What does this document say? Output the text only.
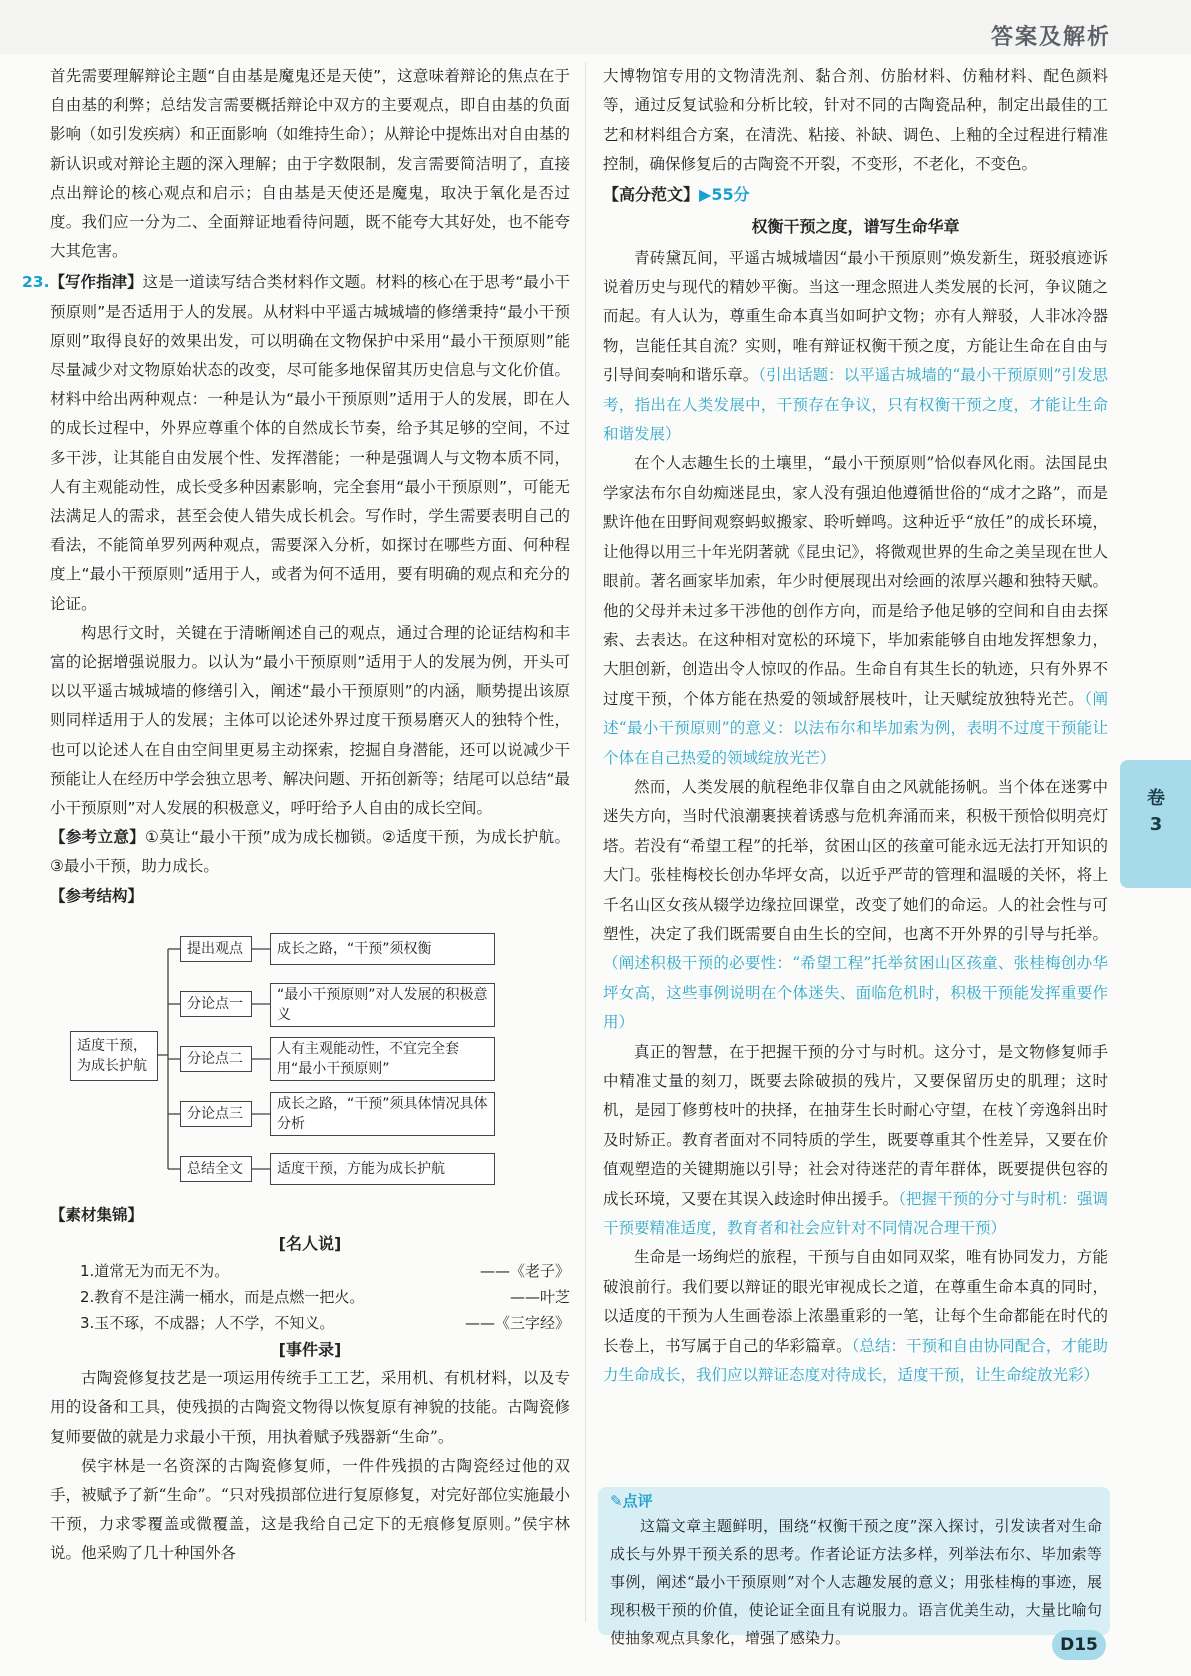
答案及解析

首先需要理解辩论主题“自由基是魔鬼还是天使”，这意味着辩论的焦点在于自由基的利弊；总结发言需要概括辩论中双方的主要观点，即自由基的负面影响（如引发疾病）和正面影响（如维持生命）；从辩论中提炼出对自由基的新认识或对辩论主题的深入理解；由于字数限制，发言需要简洁明了，直接点出辩论的核心观点和启示；自由基是天使还是魔鬼，取决于氧化是否过度。我们应一分为二、全面辩证地看待问题，既不能夸大其好处，也不能夸大其危害。

23.【写作指津】这是一道读写结合类材料作文题。材料的核心在于思考“最小干预原则”是否适用于人的发展。从材料中平遥古城城墙的修缮秉持“最小干预原则”取得良好的效果出发，可以明确在文物保护中采用“最小干预原则”能尽量减少对文物原始状态的改变，尽可能多地保留其历史信息与文化价值。材料中给出两种观点：一种是认为“最小干预原则”适用于人的发展，即在人的成长过程中，外界应尊重个体的自然成长节奏，给予其足够的空间，不过多干涉，让其能自由发展个性、发挥潜能；一种是强调人与文物本质不同，人有主观能动性，成长受多种因素影响，完全套用“最小干预原则”，可能无法满足人的需求，甚至会使人错失成长机会。写作时，学生需要表明自己的看法，不能简单罗列两种观点，需要深入分析，如探讨在哪些方面、何种程度上“最小干预原则”适用于人，或者为何不适用，要有明确的观点和充分的论证。

构思行文时，关键在于清晰阐述自己的观点，通过合理的论证结构和丰富的论据增强说服力。以认为“最小干预原则”适用于人的发展为例，开头可以以平遥古城城墙的修缮引入，阐述“最小干预原则”的内涵，顺势提出该原则同样适用于人的发展；主体可以论述外界过度干预易磨灭人的独特个性，也可以论述人在自由空间里更易主动探索，挖掘自身潜能，还可以说减少干预能让人在经历中学会独立思考、解决问题、开拓创新等；结尾可以总结“最小干预原则”对人发展的积极意义，呼吁给予人自由的成长空间。

【参考立意】①莫让“最小干预”成为成长枷锁。②适度干预，为成长护航。③最小干预，助力成长。

【参考结构】

适度干预，为成长护航
提出观点
分论点一
分论点二
分论点三
总结全文
成长之路，“干预”须权衡
“最小干预原则”对人发展的积极意义
人有主观能动性，不宜完全套用“最小干预原则”
成长之路，“干预”须具体情况具体分析
适度干预，方能为成长护航

【素材集锦】

[名人说]
1.道常无为而无不为。	——《老子》
2.教育不是注满一桶水，而是点燃一把火。	——叶芝
3.玉不琢，不成器；人不学，不知义。	——《三字经》
[事件录]

古陶瓷修复技艺是一项运用传统手工工艺，采用机、有机材料，以及专用的设备和工具，使残损的古陶瓷文物得以恢复原有神貌的技能。古陶瓷修复师要做的就是力求最小干预，用执着赋予残器新“生命”。

侯宇林是一名资深的古陶瓷修复师，一件件残损的古陶瓷经过他的双手，被赋予了新“生命”。“只对残损部位进行复原修复，对完好部位实施最小干预，力求零覆盖或微覆盖，这是我给自己定下的无痕修复原则。”侯宇林说。他采购了几十种国外各

大博物馆专用的文物清洗剂、黏合剂、仿胎材料、仿釉材料、配色颜料等，通过反复试验和分析比较，针对不同的古陶瓷品种，制定出最佳的工艺和材料组合方案，在清洗、粘接、补缺、调色、上釉的全过程进行精准控制，确保修复后的古陶瓷不开裂，不变形，不老化，不变色。

【高分范文】▶55分
权衡干预之度，谱写生命华章

青砖黛瓦间，平遥古城城墙因“最小干预原则”焕发新生，斑驳痕迹诉说着历史与现代的精妙平衡。当这一理念照进人类发展的长河，争议随之而起。有人认为，尊重生命本真当如呵护文物；亦有人辩驳，人非冰冷器物，岂能任其自流？实则，唯有辩证权衡干预之度，方能让生命在自由与引导间奏响和谐乐章。（引出话题：以平遥古城墙的“最小干预原则”引发思考，指出在人类发展中，干预存在争议，只有权衡干预之度，才能让生命和谐发展）

在个人志趣生长的土壤里，“最小干预原则”恰似春风化雨。法国昆虫学家法布尔自幼痴迷昆虫，家人没有强迫他遵循世俗的“成才之路”，而是默许他在田野间观察蚂蚁搬家、聆听蝉鸣。这种近乎“放任”的成长环境，让他得以用三十年光阴著就《昆虫记》，将微观世界的生命之美呈现在世人眼前。著名画家毕加索，年少时便展现出对绘画的浓厚兴趣和独特天赋。他的父母并未过多干涉他的创作方向，而是给予他足够的空间和自由去探索、去表达。在这种相对宽松的环境下，毕加索能够自由地发挥想象力，大胆创新，创造出令人惊叹的作品。生命自有其生长的轨迹，只有外界不过度干预，个体方能在热爱的领域舒展枝叶，让天赋绽放独特光芒。（阐述“最小干预原则”的意义：以法布尔和毕加索为例，表明不过度干预能让个体在自己热爱的领域绽放光芒）

然而，人类发展的航程绝非仅靠自由之风就能扬帆。当个体在迷雾中迷失方向，当时代浪潮裹挟着诱惑与危机奔涌而来，积极干预恰似明亮灯塔。若没有“希望工程”的托举，贫困山区的孩童可能永远无法打开知识的大门。张桂梅校长创办华坪女高，以近乎严苛的管理和温暖的关怀，将上千名山区女孩从辍学边缘拉回课堂，改变了她们的命运。人的社会性与可塑性，决定了我们既需要自由生长的空间，也离不开外界的引导与托举。（阐述积极干预的必要性：“希望工程”托举贫困山区孩童、张桂梅创办华坪女高，这些事例说明在个体迷失、面临危机时，积极干预能发挥重要作用）

真正的智慧，在于把握干预的分寸与时机。这分寸，是文物修复师手中精准丈量的刻刀，既要去除破损的残片，又要保留历史的肌理；这时机，是园丁修剪枝叶的抉择，在抽芽生长时耐心守望，在枝丫旁逸斜出时及时矫正。教育者面对不同特质的学生，既要尊重其个性差异，又要在价值观塑造的关键期施以引导；社会对待迷茫的青年群体，既要提供包容的成长环境，又要在其误入歧途时伸出援手。（把握干预的分寸与时机：强调干预要精准适度，教育者和社会应针对不同情况合理干预）

生命是一场绚烂的旅程，干预与自由如同双桨，唯有协同发力，方能破浪前行。我们要以辩证的眼光审视成长之道，在尊重生命本真的同时，以适度的干预为人生画卷添上浓墨重彩的一笔，让每个生命都能在时代的长卷上，书写属于自己的华彩篇章。（总结：干预和自由协同配合，才能助力生命成长，我们应以辩证态度对待成长，适度干预，让生命绽放光彩）

✎点评
这篇文章主题鲜明，围绕“权衡干预之度”深入探讨，引发读者对生命成长与外界干预关系的思考。作者论证方法多样，列举法布尔、毕加索等事例，阐述“最小干预原则”对个人志趣发展的意义；用张桂梅的事迹，展现积极干预的价值，使论证全面且有说服力。语言优美生动，大量比喻句使抽象观点具象化，增强了感染力。
卷
3
D15
